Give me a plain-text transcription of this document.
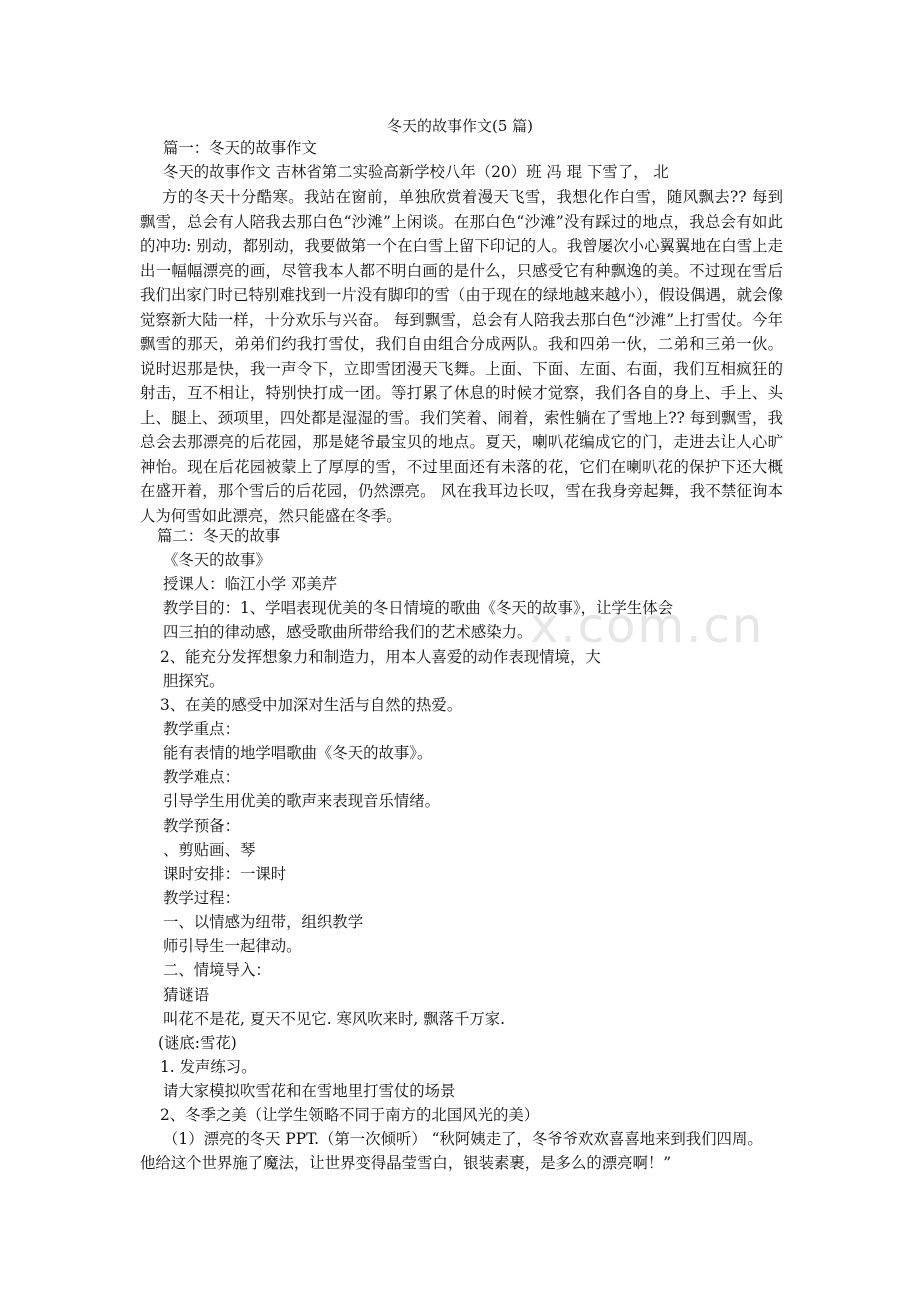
x.com.cn
冬天的故事作文(5 篇)
篇一：冬天的故事作文
冬天的故事作文 吉林省第二实验高新学校八年（20）班 冯 琨 下雪了， 北
方的冬天十分酷寒。我站在窗前，单独欣赏着漫天飞雪，我想化作白雪，随风飘去?? 每到飘雪，总会有人陪我去那白色“沙滩”上闲谈。在那白色“沙滩”没有踩过的地点，我总会有如此的冲功: 别动，都别动，我要做第一个在白雪上留下印记的人。我曾屡次小心翼翼地在白雪上走出一幅幅漂亮的画，尽管我本人都不明白画的是什么，只感受它有种飘逸的美。不过现在雪后我们出家门时已特别难找到一片没有脚印的雪（由于现在的绿地越来越小），假设偶遇，就会像觉察新大陆一样，十分欢乐与兴奋。 每到飘雪，总会有人陪我去那白色“沙滩”上打雪仗。今年飘雪的那天，弟弟们约我打雪仗，我们自由组合分成两队。我和四弟一伙，二弟和三弟一伙。说时迟那是快，我一声令下，立即雪团漫天飞舞。上面、下面、左面、右面，我们互相疯狂的射击，互不相让，特别快打成一团。等打累了休息的时候才觉察，我们各自的身上、手上、头上、腿上、颈项里，四处都是湿湿的雪。我们笑着、闹着，索性躺在了雪地上?? 每到飘雪，我总会去那漂亮的后花园，那是姥爷最宝贝的地点。夏天，喇叭花编成它的门，走进去让人心旷神怡。现在后花园被蒙上了厚厚的雪，不过里面还有未落的花，它们在喇叭花的保护下还大概在盛开着，那个雪后的后花园，仍然漂亮。 风在我耳边长叹，雪在我身旁起舞，我不禁征询本人为何雪如此漂亮，然只能盛在冬季。
篇二：冬天的故事
《冬天的故事》
授课人：临江小学 邓美芹
教学目的：1、学唱表现优美的冬日情境的歌曲《冬天的故事》，让学生体会
四三拍的律动感，感受歌曲所带给我们的艺术感染力。
2、能充分发挥想象力和制造力，用本人喜爱的动作表现情境，大
胆探究。
3、在美的感受中加深对生活与自然的热爱。
教学重点：
能有表情的地学唱歌曲《冬天的故事》。
教学难点：
引导学生用优美的歌声来表现音乐情绪。
教学预备：
、剪贴画、琴
课时安排：一课时
教学过程：
一、以情感为纽带，组织教学
师引导生一起律动。
二、情境导入：
猜谜语
叫花不是花, 夏天不见它. 寒风吹来时, 飘落千万家.
(谜底:雪花)
1. 发声练习。
请大家模拟吹雪花和在雪地里打雪仗的场景
2、冬季之美（让学生领略不同于南方的北国风光的美）
（1）漂亮的冬天 PPT.（第一次倾听） “秋阿姨走了，冬爷爷欢欢喜喜地来到我们四周。
他给这个世界施了魔法，让世界变得晶莹雪白，银装素裹，是多么的漂亮啊！”
